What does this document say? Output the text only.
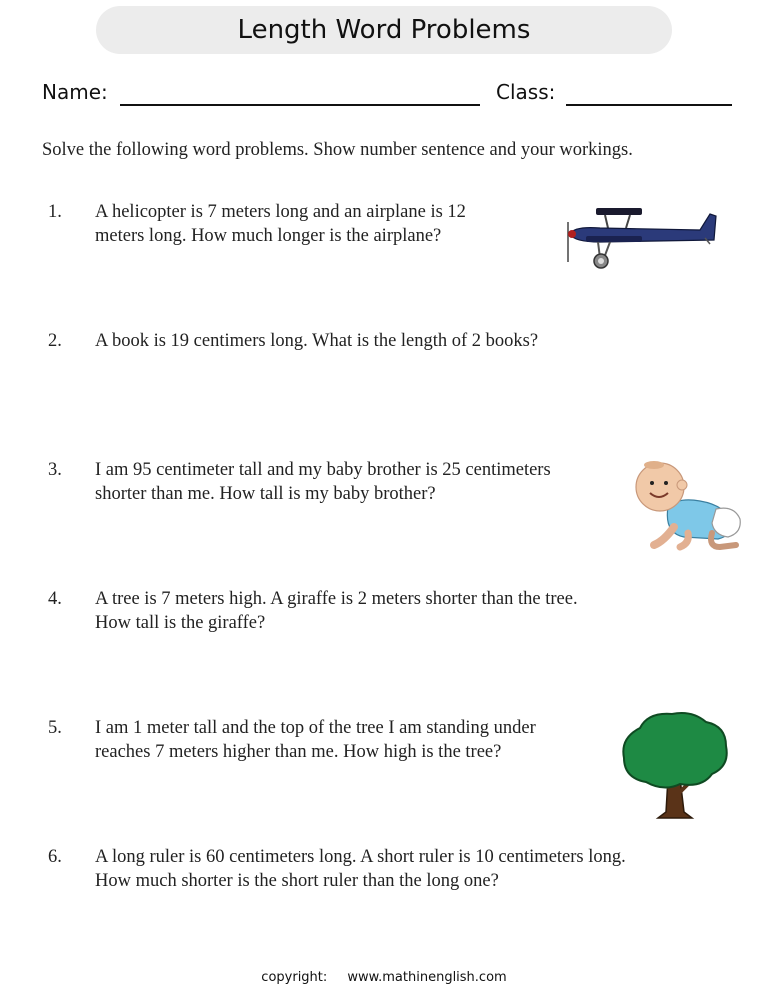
Length Word Problems
Name:	Class:
Solve the following word problems. Show number sentence and your workings.
1. A helicopter is 7 meters long and an airplane is 12
meters long. How much longer is the airplane?
2. A book is 19 centimers long. What is the length of 2 books?
3. I am 95 centimeter tall and my baby brother is 25 centimeters
shorter than me. How tall is my baby brother?
4. A tree is 7 meters high. A giraffe is 2 meters shorter than the tree.
How tall is the giraffe?
5. I am 1 meter tall and the top of the tree I am standing under
reaches 7 meters higher than me. How high is the tree?
6. A long ruler is 60 centimeters long. A short ruler is 10 centimeters long.
How much shorter is the short ruler than the long one?
copyright: www.mathinenglish.com
